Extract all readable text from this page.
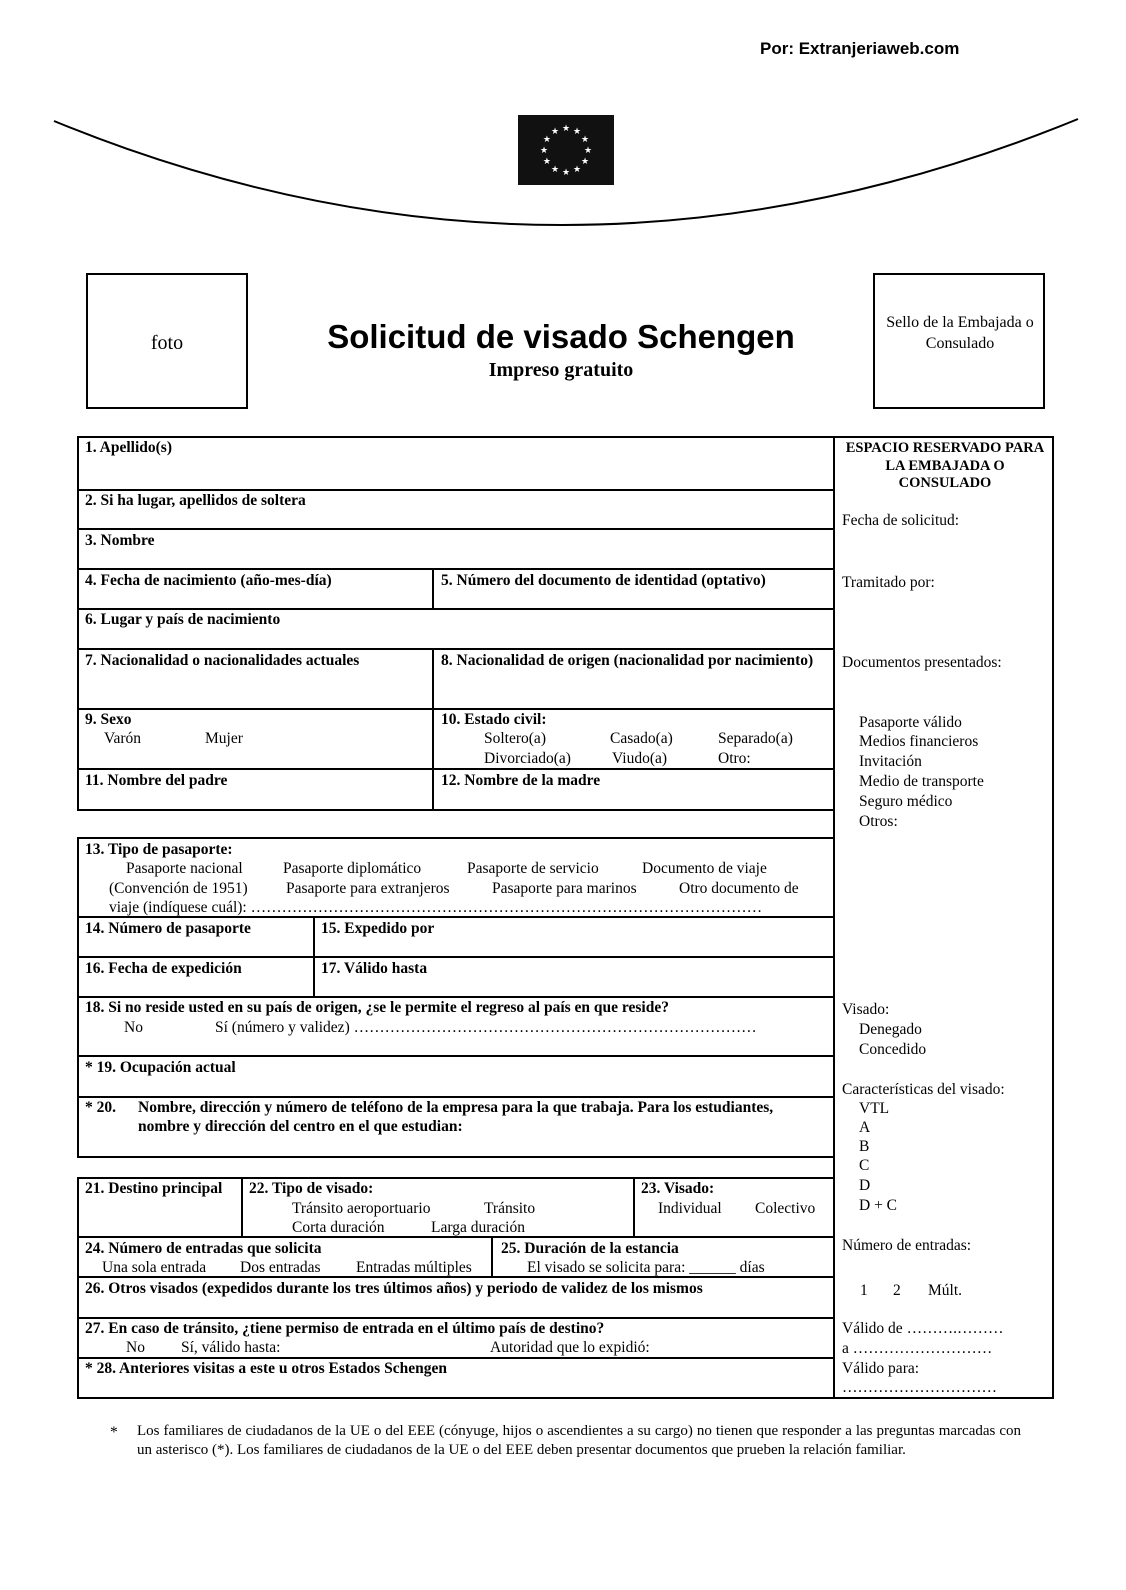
Por: Extranjeriaweb.com
★ ★
★
★
★
★
★
★
★
★
★
★
foto	Solicitud de visado Schengen
Impreso gratuito
Sello de la Embajada o Consulado
1. Apellido(s)
2. Si ha lugar, apellidos de soltera
3. Nombre
4. Fecha de nacimiento (año-mes-día)	5. Número del documento de identidad (optativo)
6. Lugar y país de nacimiento
7. Nacionalidad o nacionalidades actuales	8. Nacionalidad de origen (nacionalidad por nacimiento)
9. Sexo
Varón	Mujer
10. Estado civil:
Soltero(a)	Casado(a)	Separado(a)
Divorciado(a)	Viudo(a)	Otro:
11. Nombre del padre	12. Nombre de la madre
13. Tipo de pasaporte:
Pasaporte nacional	Pasaporte diplomático	Pasaporte de servicio	Documento de viaje
(Convención de 1951) Pasaporte para extranjeros	Pasaporte para marinos	Otro documento de
viaje (indíquese cuál): ………………………………………………………………………………………
14. Número de pasaporte	15. Expedido por
16. Fecha de expedición	17. Válido hasta
18. Si no reside usted en su país de origen, ¿se le permite el regreso al país en que reside?
No	Sí (número y validez) ……………………………………………………………………
* 19. Ocupación actual
* 20. Nombre, dirección y número de teléfono de la empresa para la que trabaja. Para los estudiantes, nombre y dirección del centro en el que estudian:
21. Destino principal 22. Tipo de visado:
Tránsito aeroportuario	Tránsito
Corta duración	Larga duración
23. Visado:
Individual Colectivo
24. Número de entradas que solicita
Una sola entrada Dos entradas Entradas múltiples
25. Duración de la estancia
El visado se solicita para: ______ días
26. Otros visados (expedidos durante los tres últimos años) y periodo de validez de los mismos
27. En caso de tránsito, ¿tiene permiso de entrada en el último país de destino?
No Sí, válido hasta:	Autoridad que lo expidió:
* 28. Anteriores visitas a este u otros Estados Schengen
ESPACIO RESERVADO PARA LA EMBAJADA O CONSULADO
Fecha de solicitud:
Tramitado por:
Documentos presentados:
Pasaporte válido
Medios financieros
Invitación
Medio de transporte
Seguro médico
Otros:
Visado:
Denegado
Concedido
Características del visado:
VTL
A
B
C
D
D + C
Número de entradas:
1 2 Múlt.
Válido de ……….………
a ………………………
Válido para:
…………………………
* Los familiares de ciudadanos de la UE o del EEE (cónyuge, hijos o ascendientes a su cargo) no tienen que responder a las preguntas marcadas con un asterisco (*). Los familiares de ciudadanos de la UE o del EEE deben presentar documentos que prueben la relación familiar.
